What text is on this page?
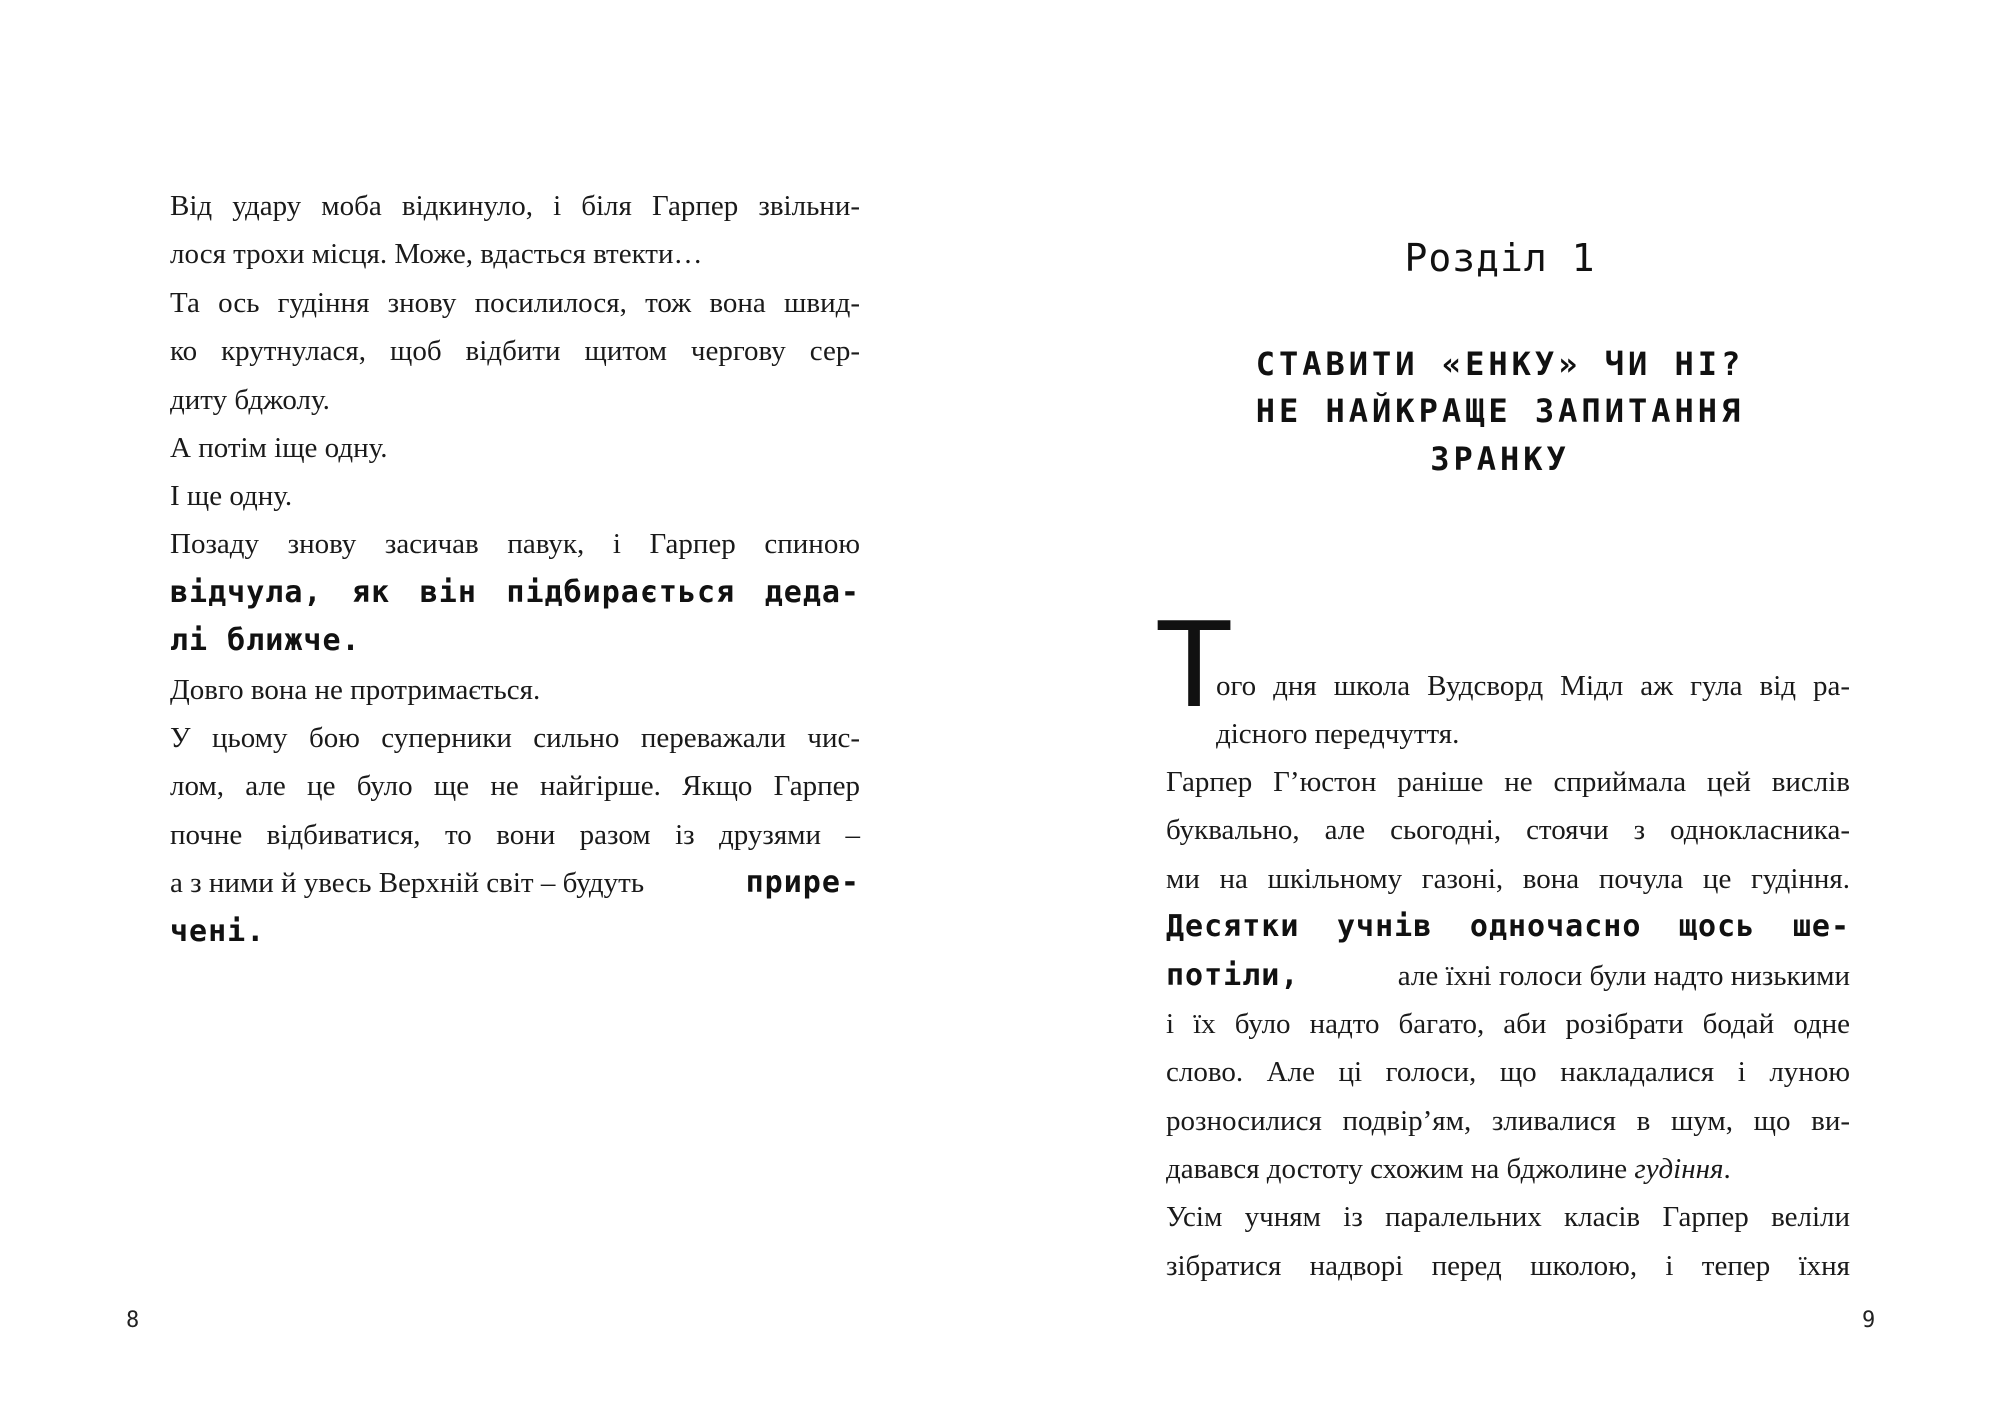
Від удару моба відкинуло, і біля Гарпер звільни-
лося трохи місця. Може, вдасться втекти…
Та ось гудіння знову посилилося, тож вона швид-
ко крутнулася, щоб відбити щитом чергову сер-
диту бджолу.
А потім іще одну.
І ще одну.
Позаду знову засичав павук, і Гарпер спиною
відчула, як він підбирається деда-
лі ближче.
Довго вона не протримається.
У цьому бою суперники сильно переважали чис-
лом, але це було ще не найгірше. Якщо Гарпер
почне відбиватися, то вони разом із друзями –
а з ними й увесь Верхній світ – будуть	прире-
чені.
8
Розділ 1
СТАВИТИ «ЕНКУ» ЧИ НІ?
НЕ НАЙКРАЩЕ ЗАПИТАННЯ
ЗРАНКУ
Т
ого дня школа Вудсворд Мідл аж гула від ра-
дісного передчуття.
Гарпер Г’юстон раніше не сприймала цей вислів
буквально, але сьогодні, стоячи з однокласника-
ми на шкільному газоні, вона почула це гудіння.
Десятки учнів одночасно щось ше-
потіли,	але їхні голоси були надто низькими
і їх було надто багато, аби розібрати бодай одне
слово. Але ці голоси, що накладалися і луною
розносилися подвір’ям, зливалися в шум, що ви-
давався достоту схожим на бджолине гудіння.
Усім учням із паралельних класів Гарпер веліли
зібратися надворі перед школою, і тепер їхня
9
